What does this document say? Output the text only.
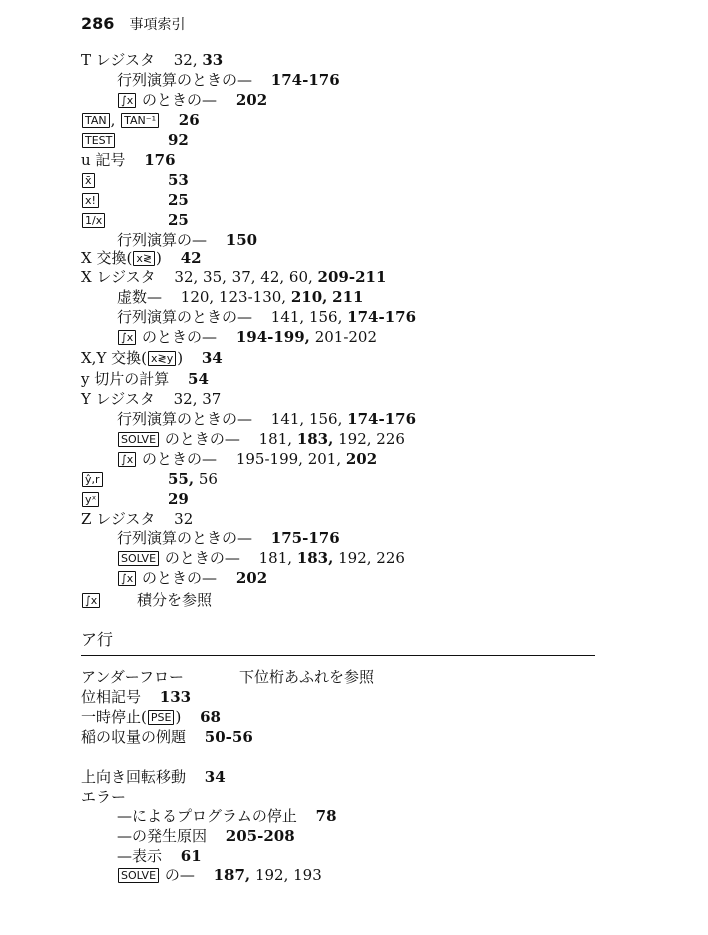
286 事項索引
T レジスタ 32, 33
行列演算のときの— 174-176
∫x のときの— 202
TAN , TAN⁻¹ 26
TEST	92
u 記号 176
x̄	53
x!	25
1/x	25
行列演算の— 150
X 交換( x≷ ) 42
X レジスタ 32, 35, 37, 42, 60, 209-211
虚数— 120, 123-130, 210, 211
行列演算のときの— 141, 156, 174-176
∫x のときの— 194-199, 201-202
X,Y 交換( x≷y ) 34
y 切片の計算 54
Y レジスタ 32, 37
行列演算のときの— 141, 156, 174-176
SOLVE のときの— 181, 183, 192, 226
∫x のときの— 195-199, 201, 202
ŷ,r	55, 56
yˣ	29
Z レジスタ 32
行列演算のときの— 175-176
SOLVE のときの— 181, 183, 192, 226
∫x のときの— 202
∫x	積分を参照
ア行
アンダーフロー	下位桁あふれを参照
位相記号 133
一時停止( PSE ) 68
稲の収量の例題 50-56
上向き回転移動 34
エラー
—によるプログラムの停止 78
—の発生原因 205-208
—表示 61
SOLVE の— 187, 192, 193
